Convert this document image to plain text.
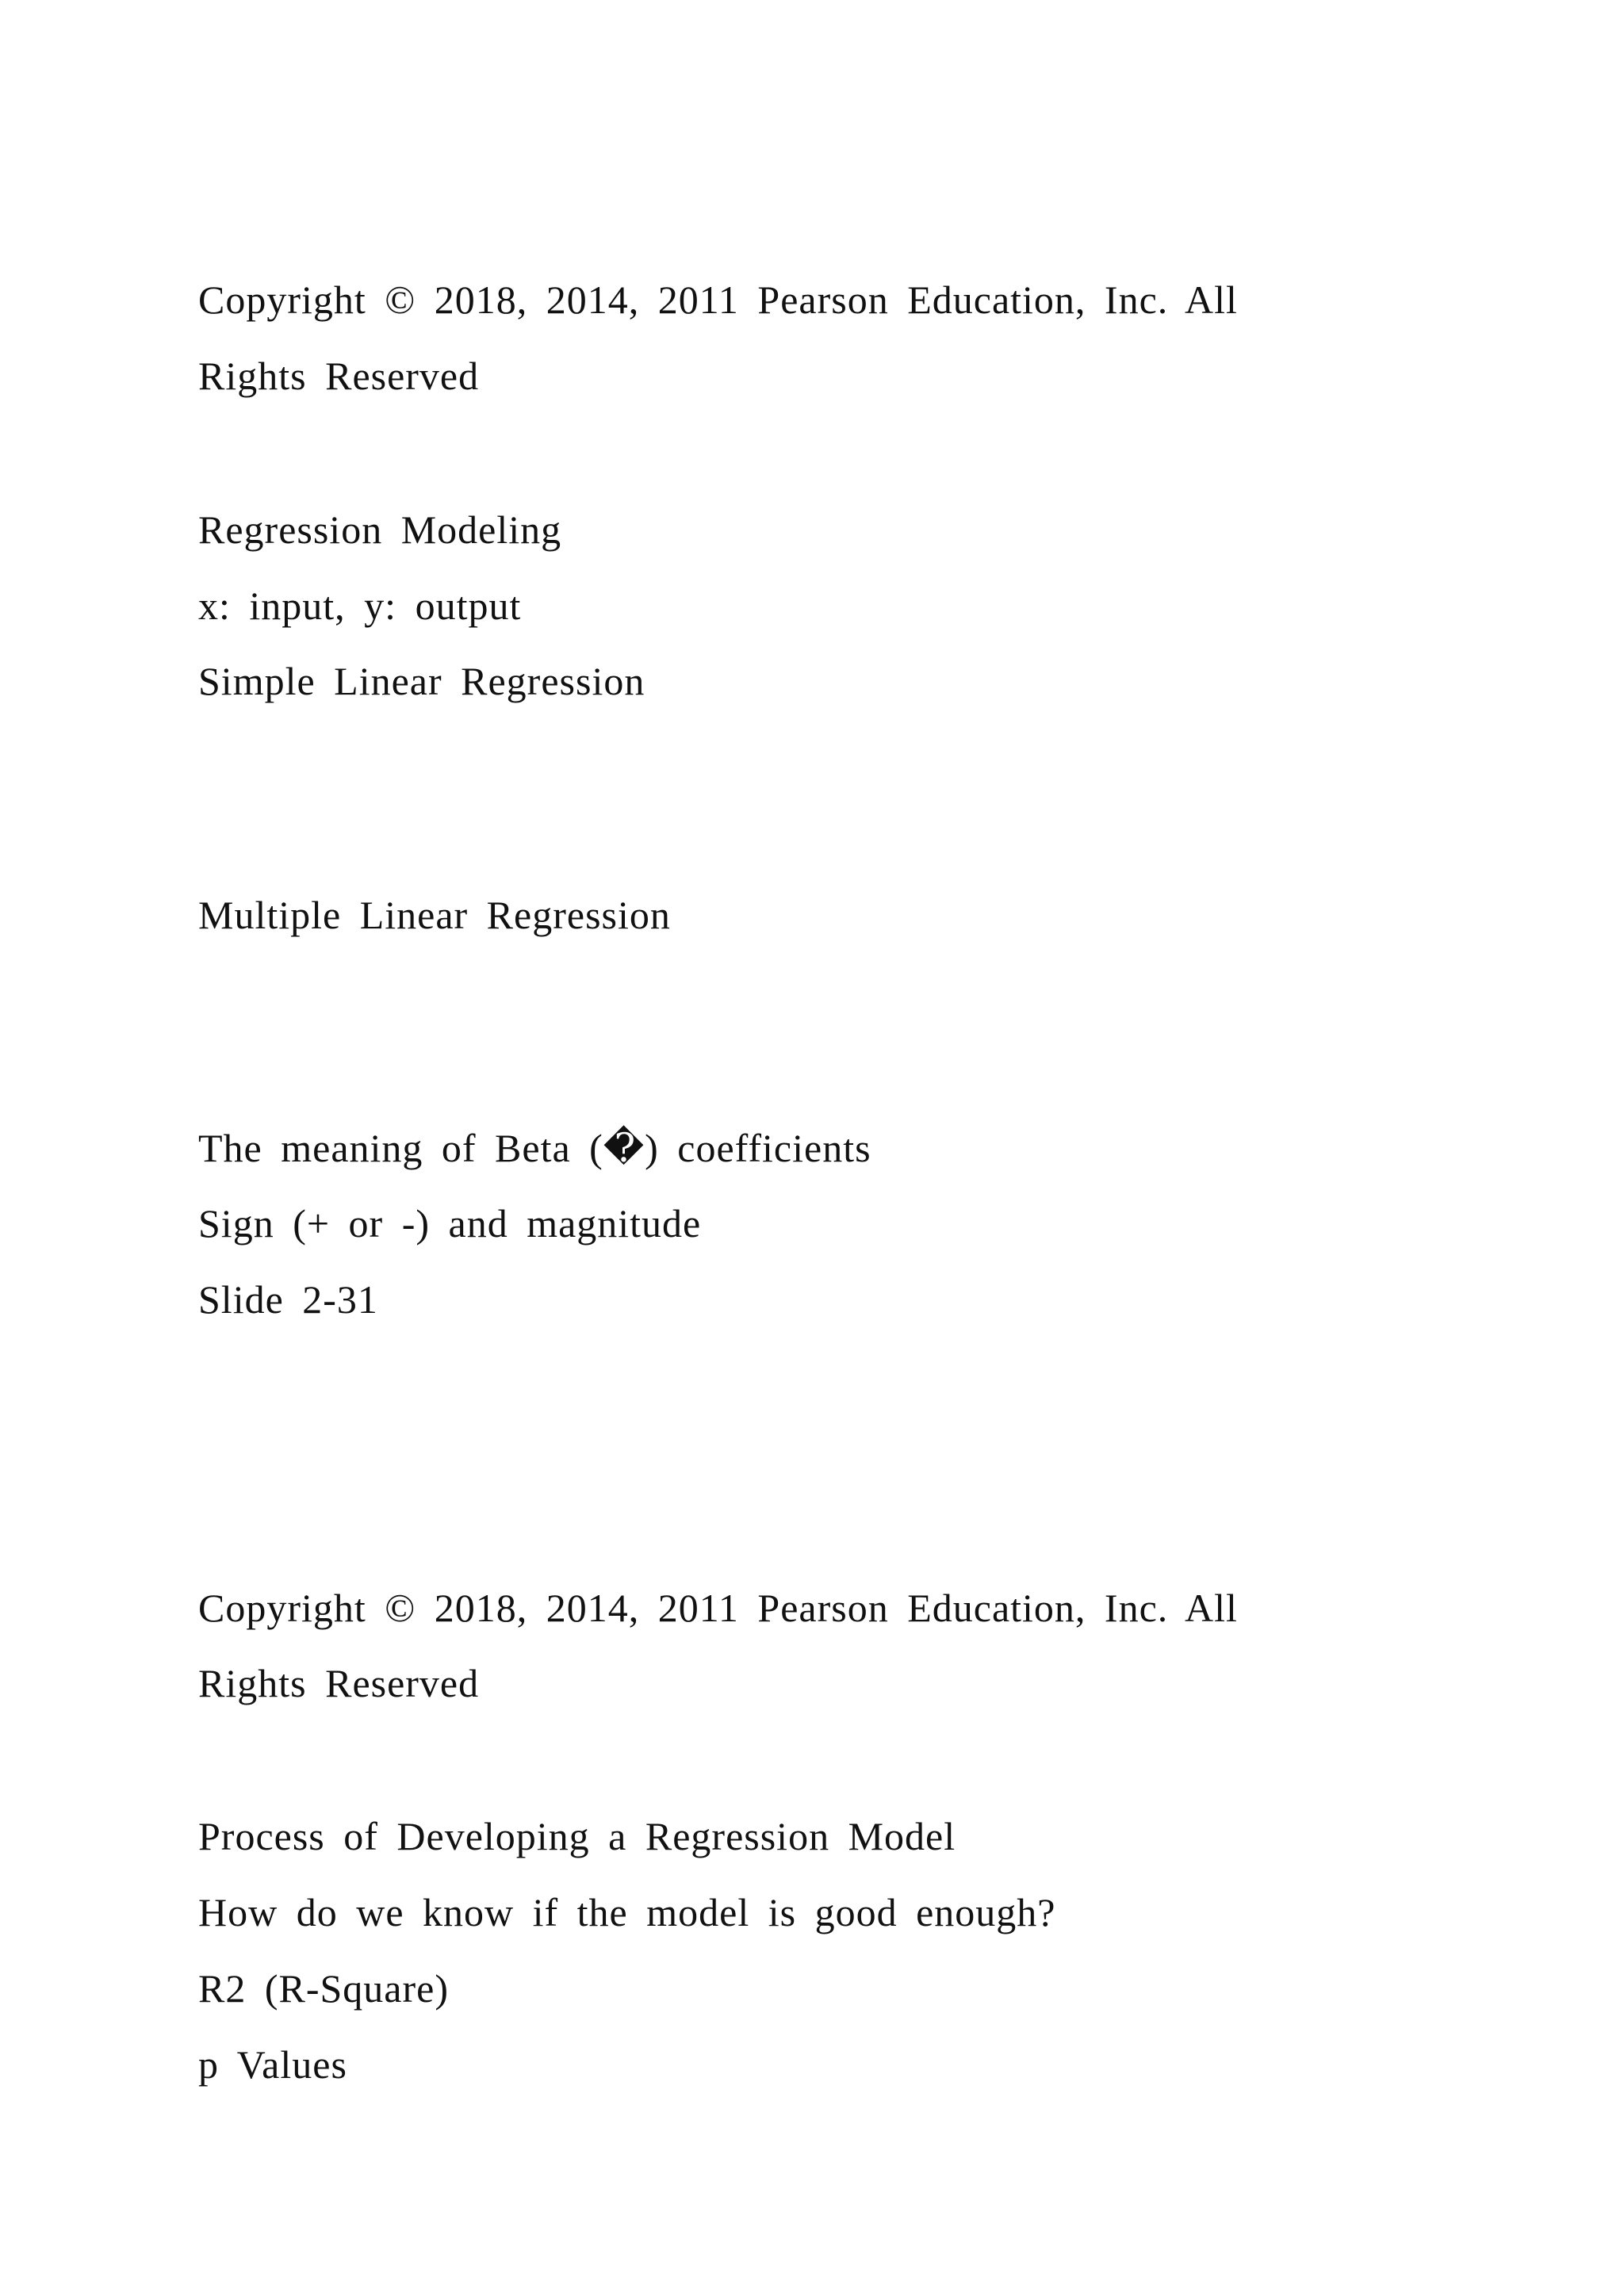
Copyright © 2018, 2014, 2011 Pearson Education, Inc. All
Rights Reserved
Regression Modeling
x: input, y: output
Simple Linear Regression
Multiple Linear Regression
The meaning of Beta (�) coefficients
Sign (+ or -) and magnitude
Slide 2-31
Copyright © 2018, 2014, 2011 Pearson Education, Inc. All
Rights Reserved
Process of Developing a Regression Model
How do we know if the model is good enough?
R2 (R-Square)
p Values
